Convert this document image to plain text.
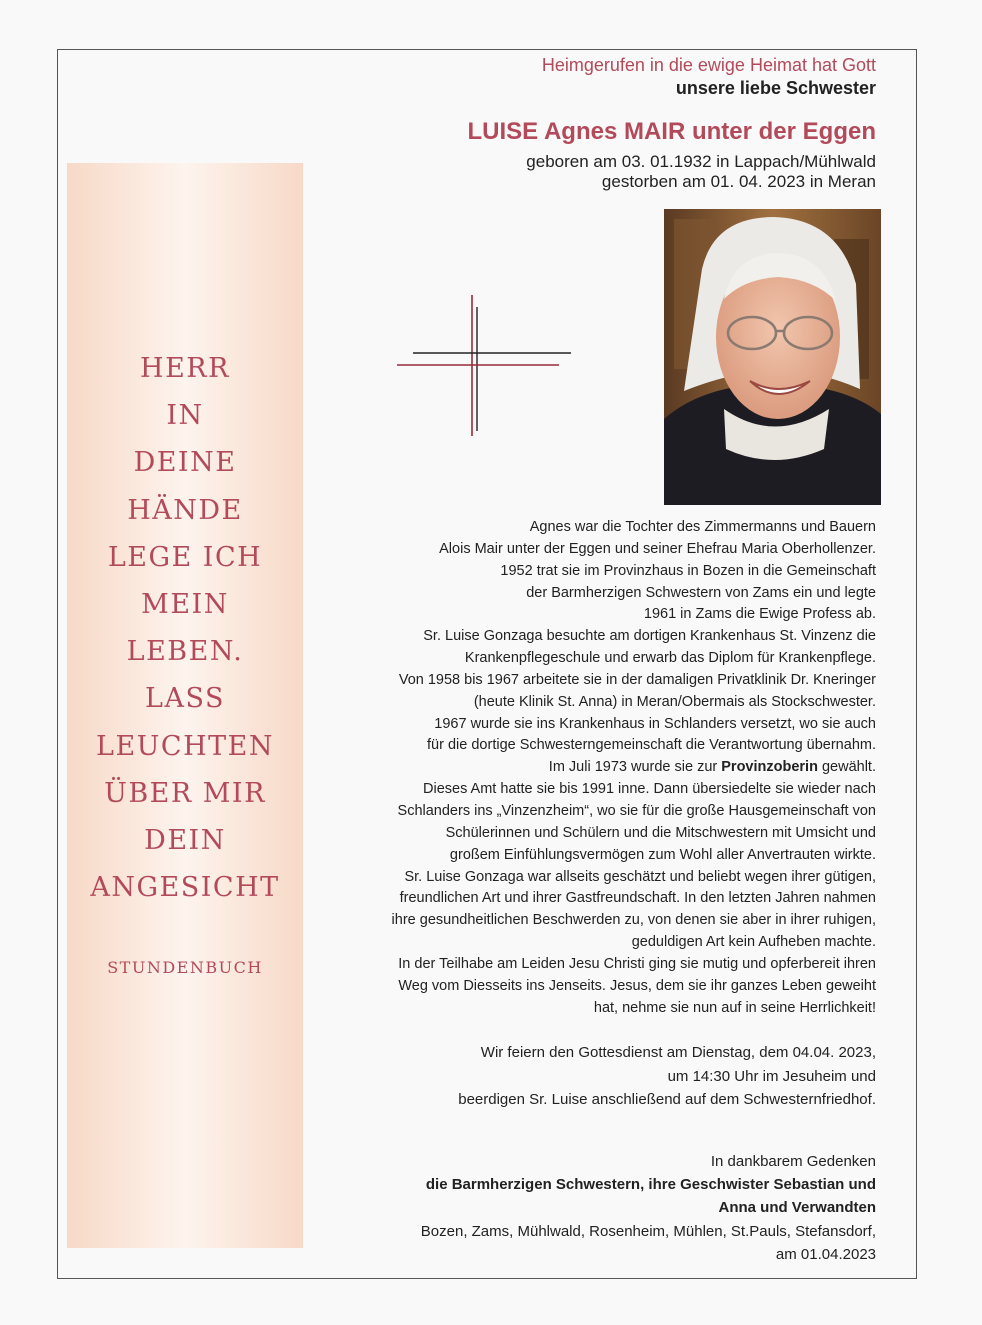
HERR
IN
DEINE
HÄNDE
LEGE ICH
MEIN
LEBEN.
LASS
LEUCHTEN
ÜBER MIR
DEIN
ANGESICHT
STUNDENBUCH
Heimgerufen in die ewige Heimat hat Gott
unsere liebe Schwester
LUISE Agnes MAIR unter der Eggen
geboren am 03. 01.1932 in Lappach/Mühlwald
gestorben am 01. 04. 2023 in Meran
Agnes war die Tochter des Zimmermanns und Bauern
Alois Mair unter der Eggen und seiner Ehefrau Maria Oberhollenzer.
1952 trat sie im Provinzhaus in Bozen in die Gemeinschaft
der Barmherzigen Schwestern von Zams ein und legte
1961 in Zams die Ewige Profess ab.
Sr. Luise Gonzaga besuchte am dortigen Krankenhaus St. Vinzenz die
Krankenpflegeschule und erwarb das Diplom für Krankenpflege.
Von 1958 bis 1967 arbeitete sie in der damaligen Privatklinik Dr. Kneringer
(heute Klinik St. Anna) in Meran/Obermais als Stockschwester.
1967 wurde sie ins Krankenhaus in Schlanders versetzt, wo sie auch
für die dortige Schwesterngemeinschaft die Verantwortung übernahm.
Im Juli 1973 wurde sie zur Provinzoberin gewählt.
Dieses Amt hatte sie bis 1991 inne. Dann übersiedelte sie wieder nach
Schlanders ins „Vinzenzheim“, wo sie für die große Hausgemeinschaft von
Schülerinnen und Schülern und die Mitschwestern mit Umsicht und
großem Einfühlungsvermögen zum Wohl aller Anvertrauten wirkte.
Sr. Luise Gonzaga war allseits geschätzt und beliebt wegen ihrer gütigen,
freundlichen Art und ihrer Gastfreundschaft. In den letzten Jahren nahmen
ihre gesundheitlichen Beschwerden zu, von denen sie aber in ihrer ruhigen,
geduldigen Art kein Aufheben machte.
In der Teilhabe am Leiden Jesu Christi ging sie mutig und opferbereit ihren
Weg vom Diesseits ins Jenseits. Jesus, dem sie ihr ganzes Leben geweiht
hat, nehme sie nun auf in seine Herrlichkeit!
Wir feiern den Gottesdienst am Dienstag, dem 04.04. 2023,
um 14:30 Uhr im Jesuheim und
beerdigen Sr. Luise anschließend auf dem Schwesternfriedhof.
In dankbarem Gedenken
die Barmherzigen Schwestern, ihre Geschwister Sebastian und
Anna und Verwandten
Bozen, Zams, Mühlwald, Rosenheim, Mühlen, St.Pauls, Stefansdorf,
am 01.04.2023
